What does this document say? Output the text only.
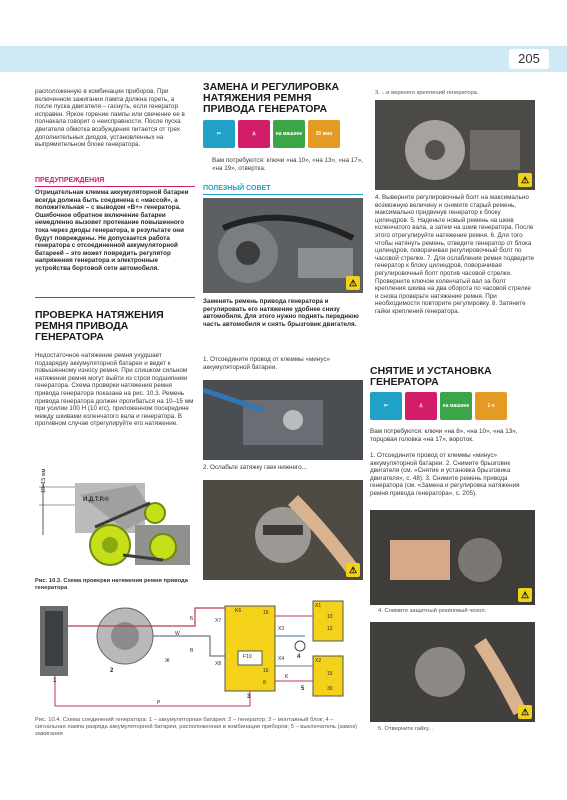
205
расположенную в комбинации приборов. При включенном зажигании лампа должна гореть, а после пуска двигателя – гаснуть, если генератор исправен. Яркое горение лампы или свечение ее в полнакала говорит о неисправности. После пуска двигателя обмотка возбуждения питается от трех дополнительных диодов, установленных на выпрямительном блоке генератора.
ПРЕДУПРЕЖДЕНИЯ
Отрицательная клемма аккумуляторной батареи всегда должна быть соединена с «массой», а положительная – с выводом «В+» генератора. Ошибочное обратное включение батареи немедленно вызовет протекание повышенного тока через диоды генератора, в результате они будут повреждены. Не допускается работа генератора с отсоединенной аккумуляторной батареей – это может повредить регулятор напряжения генератора и электронные устройства бортовой сети автомобиля.
ПРОВЕРКА НАТЯЖЕНИЯ РЕМНЯ ПРИВОДА ГЕНЕРАТОРА
Недостаточное натяжение ремня ухудшает подзарядку аккумуляторной батареи и ведет к повышенному износу ремня. При слишком сильном натяжении ремня могут выйти из строя подшипники генератора. Схема проверки натяжения ремня привода генератора показана на рис. 10.3. Ремень привода генератора должен прогибаться на 10–15 мм при усилии 100 Н (10 кгс), приложенном посередине между шкивами коленчатого вала и генератора. В противном случае отрегулируйте его натяжение.
10–15 мм
И.Д.Т.Р.®
Рис. 10.3. Схема проверки натяжения ремня привода генератора
ЗАМЕНА И РЕГУЛИРОВКА НАТЯЖЕНИЯ РЕМНЯ ПРИВОДА ГЕНЕРАТОРА
✂	♙	на машине	35 мин
Вам потребуются: ключи «на 10», «на 13», «на 17», «на 19», отвертка.
ПОЛЕЗНЫЙ СОВЕТ
⚠
Заменять ремень привода генератора и регулировать его натяжение удобнее снизу автомобиля. Для этого нужно поднять переднюю часть автомобиля и снять брызговик двигателя.
1. Отсоедините провод от клеммы «минус» аккумуляторной батареи.
2. Ослабьте затяжку гаек нижнего...
⚠
3. ...и верхнего креплений генератора.
⚠
4. Выверните регулировочный болт на максимально возможную величину и снимите старый ремень, максимально придвинув генератор к блоку цилиндров. 5. Наденьте новый ремень на шкив коленчатого вала, а затем на шкив генератора. После этого отрегулируйте натяжение ремня. 6. Для того чтобы натянуть ремень, отведите генератор от блока цилиндров, поворачивая регулировочный болт по часовой стрелке. 7. Для ослабления ремня подведите генератор к блоку цилиндров, поворачивая регулировочный болт против часовой стрелки. Проверните ключом коленчатый вал за болт крепления шкива на два оборота по часовой стрелке и снова проверьте натяжение ремня. При необходимости повторите регулировку. 8. Затяните гайки креплений генератора.
СНЯТИЕ И УСТАНОВКА ГЕНЕРАТОРА
✂	♙	на машине	1 ч
Вам потребуются: ключи «на 8», «на 10», «на 13», торцовая головка «на 17», вороток.
1. Отсоедините провод от клеммы «минус» аккумуляторной батареи. 2. Снимите брызговик двигателя (см. «Снятие и установка брызговика двигателя», с. 48). 3. Снимите ремень привода генератора (см. «Замена и регулировка натяжения ремня привода генератора», с. 205).
⚠
4. Снимите защитный резиновый чехол.
⚠
5. Отверните гайку...
1
2
3
4
5
Б
В
Ж
Р
W
X1
X2
X3
X4
X7
X8
K6
F10
K
30
16
10
12
16
8
15
Рис. 10.4. Схема соединений генератора: 1 – аккумуляторная батарея; 2 – генератор; 3 – монтажный блок; 4 – сигнальная лампа разряда аккумуляторной батареи, расположенная в комбинации приборов; 5 – выключатель (замок) зажигания
